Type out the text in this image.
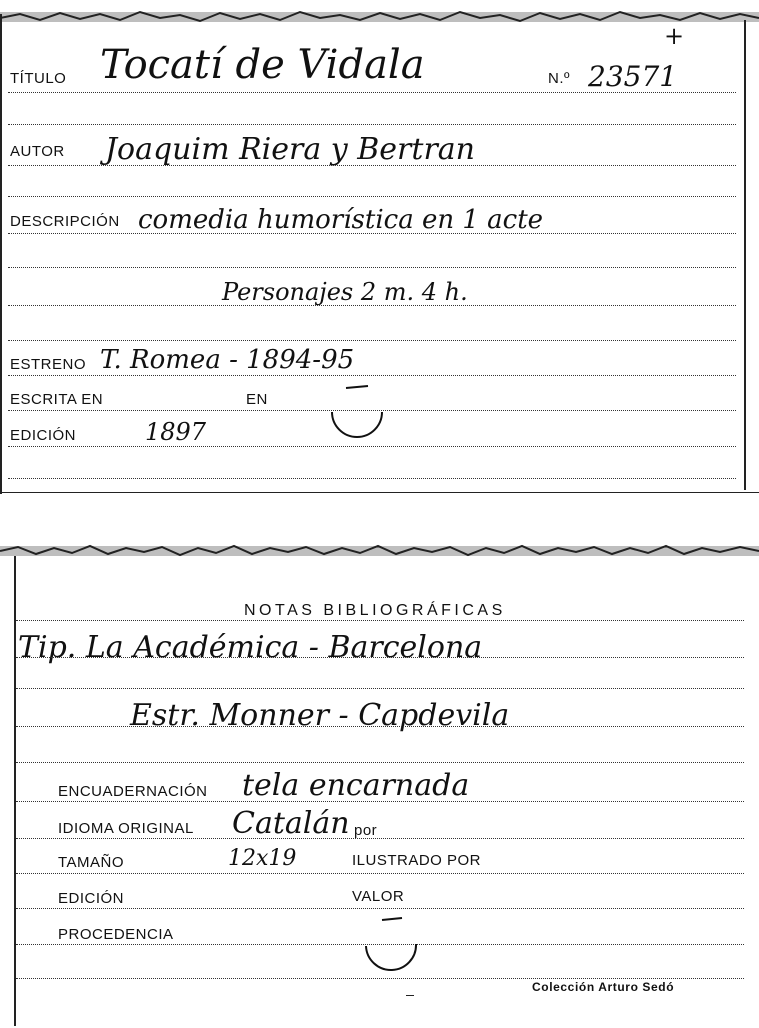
+
TÍTULO Tocatí de Vidala	N.º 23571
AUTOR Joaquim Riera y Bertran
DESCRIPCIÓN comedia humorística en 1 acte
Personajes 2 m. 4 h.
ESTRENO T. Romea - 1894-95
ESCRITA EN	EN
EDICIÓN	1897
NOTAS BIBLIOGRÁFICAS
Tip. La Académica - Barcelona
Estr. Monner - Capdevila
ENCUADERNACIÓN tela encarnada
IDIOMA ORIGINAL Catalán por
TAMAÑO	12x19	ILUSTRADO POR
EDICIÓN	VALOR
PROCEDENCIA
Colección Arturo Sedó
